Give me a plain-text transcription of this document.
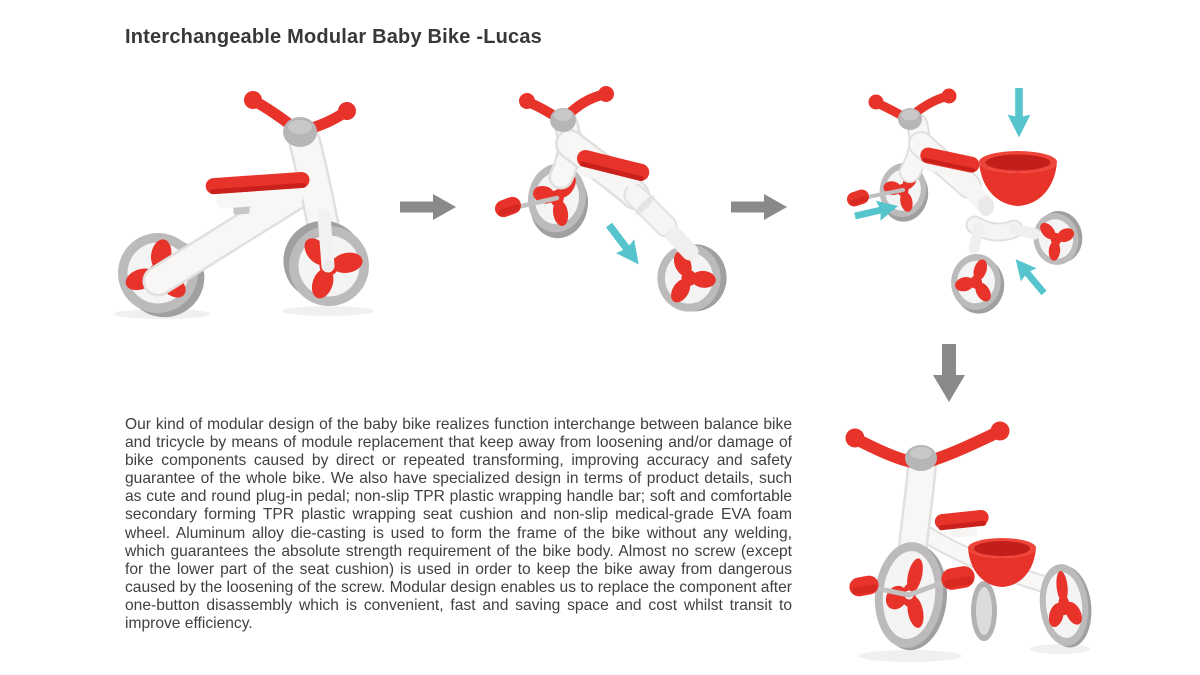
Interchangeable Modular Baby Bike -Lucas

Our kind of modular design of the baby bike realizes function interchange between balance bike and tricycle by means of module replacement that keep away from loosening and/or damage of bike components caused by direct or repeated transforming, improving accuracy and safety guarantee of the whole bike. We also have specialized design in terms of product details, such as cute and round plug-in pedal; non-slip TPR plastic wrapping handle bar; soft and comfortable secondary forming TPR plastic wrapping seat cushion and non-slip medical-grade EVA foam wheel. Aluminum alloy die-casting is used to form the frame of the bike without any welding, which guarantees the absolute strength requirement of the bike body. Almost no screw (except for the lower part of the seat cushion) is used in order to keep the bike away from dangerous caused by the loosening of the screw. Modular design enables us to replace the component after one-button disassembly which is convenient, fast and saving space and cost whilst transit to improve efficiency.
